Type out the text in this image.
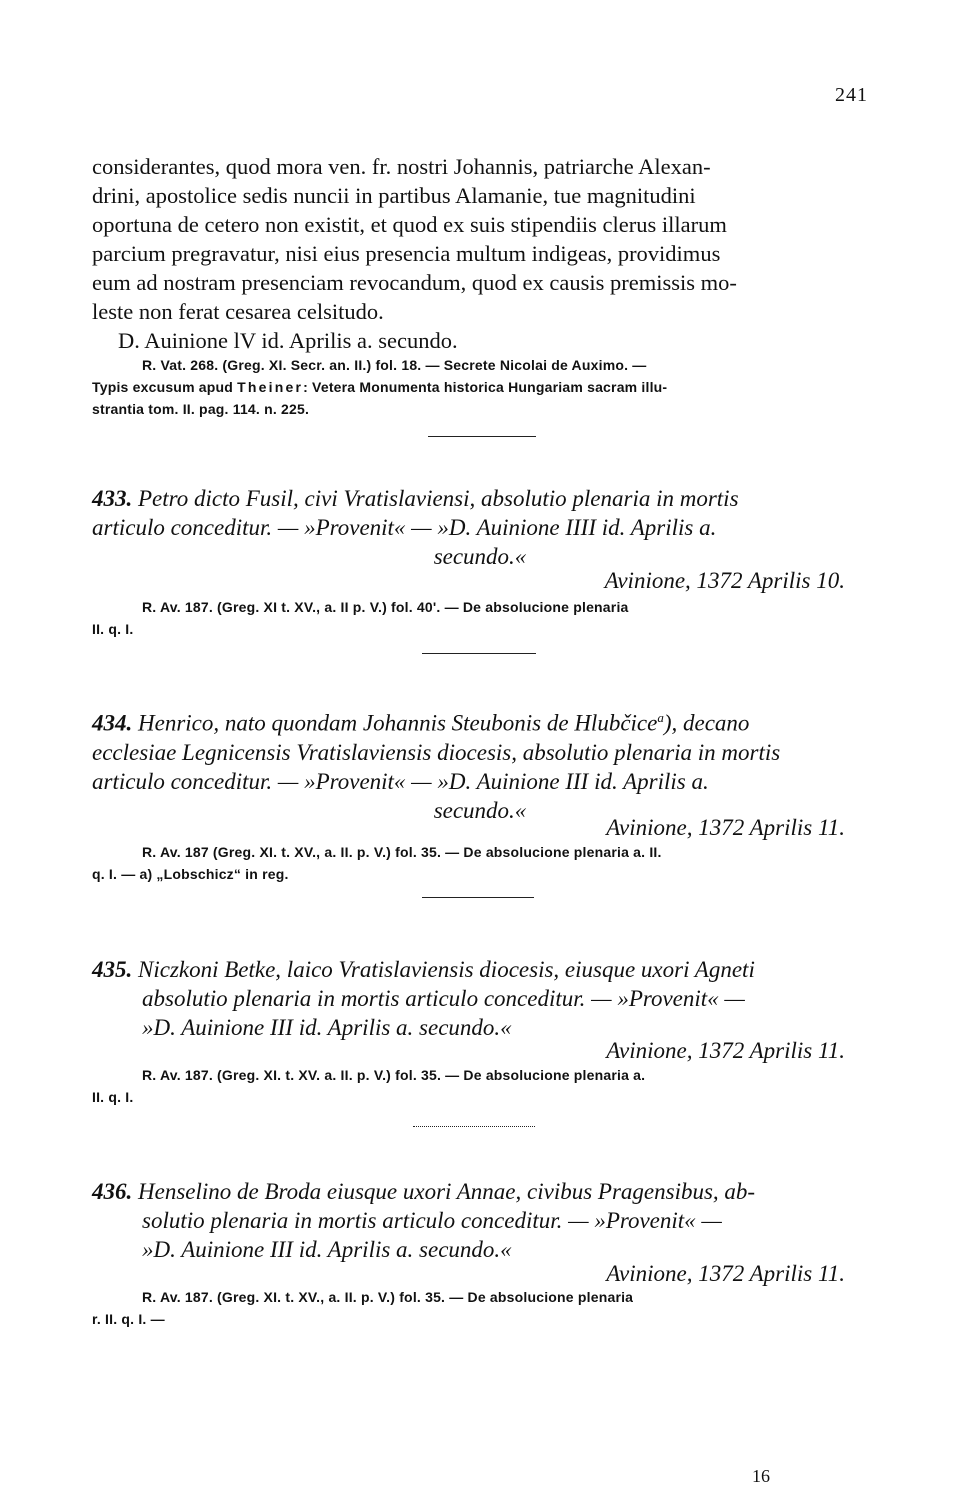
241
considerantes, quod mora ven. fr. nostri Johannis, patriarche Alexan-
drini, apostolice sedis nuncii in partibus Alamanie, tue magnitudini
oportuna de cetero non existit, et quod ex suis stipendiis clerus illarum
parcium pregravatur, nisi eius presencia multum indigeas, providimus
eum ad nostram presenciam revocandum, quod ex causis premissis mo-
leste non ferat cesarea celsitudo.
D. Auinione lV id. Aprilis a. secundo.
R. Vat. 268. (Greg. XI. Secr. an. II.) fol. 18. — Secrete Nicolai de Auximo. —
Typis excusum apud Theiner: Vetera Monumenta historica Hungariam sacram illu-
strantia tom. II. pag. 114. n. 225.
433. Petro dicto Fusil, civi Vratislaviensi, absolutio plenaria in mortis
articulo conceditur. — »Provenit« — »D. Auinione IIII id. Aprilis a.
secundo.«
Avinione, 1372 Aprilis 10.
R. Av. 187. (Greg. XI t. XV., a. II p. V.) fol. 40'. — De absolucione plenaria
II. q. I.
434. Henrico, nato quondam Johannis Steubonis de Hlubčice$^a$), decano
ecclesiae Legnicensis Vratislaviensis diocesis, absolutio plenaria in mortis
articulo conceditur. — »Provenit« — »D. Auinione III id. Aprilis a.
secundo.«
Avinione, 1372 Aprilis 11.
R. Av. 187 (Greg. XI. t. XV., a. II. p. V.) fol. 35. — De absolucione plenaria a. II.
q. I. — a) „Lobschicz“ in reg.
435. Niczkoni Betke, laico Vratislaviensis diocesis, eiusque uxori Agneti
absolutio plenaria in mortis articulo conceditur. — »Provenit« —
»D. Auinione III id. Aprilis a. secundo.«
Avinione, 1372 Aprilis 11.
R. Av. 187. (Greg. XI. t. XV. a. II. p. V.) fol. 35. — De absolucione plenaria a.
II. q. I.
436. Henselino de Broda eiusque uxori Annae, civibus Pragensibus, ab-
solutio plenaria in mortis articulo conceditur. — »Provenit« —
»D. Auinione III id. Aprilis a. secundo.«
Avinione, 1372 Aprilis 11.
R. Av. 187. (Greg. XI. t. XV., a. II. p. V.) fol. 35. — De absolucione plenaria
r. II. q. I. —
16
